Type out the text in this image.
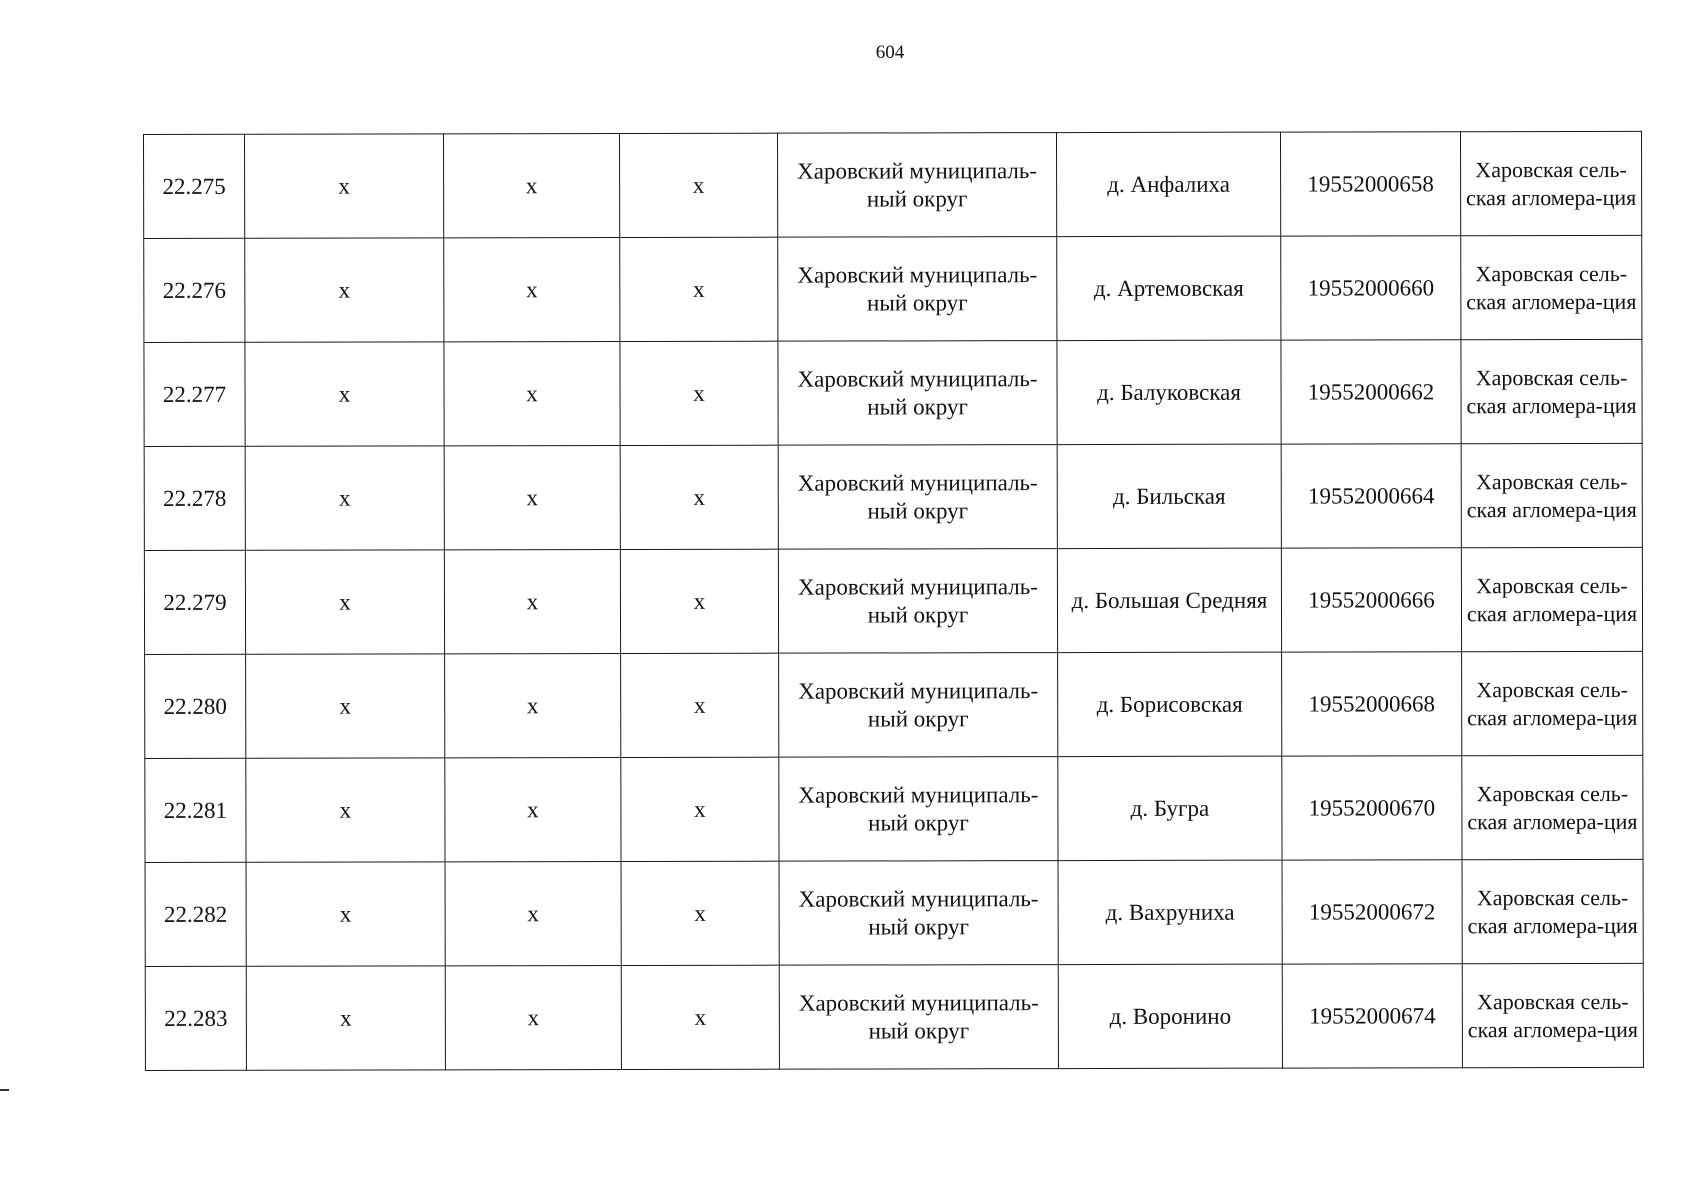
604
22.275	х	х	х	Харовский муниципаль-ный округ	д. Анфалиха	19552000658	Харовская сель-ская агломера-ция
22.276	х	х	х	Харовский муниципаль-ный округ	д. Артемовская	19552000660	Харовская сель-ская агломера-ция
22.277	х	х	х	Харовский муниципаль-ный округ	д. Балуковская	19552000662	Харовская сель-ская агломера-ция
22.278	х	х	х	Харовский муниципаль-ный округ	д. Бильская	19552000664	Харовская сель-ская агломера-ция
22.279	х	х	х	Харовский муниципаль-ный округ	д. Большая Средняя	19552000666	Харовская сель-ская агломера-ция
22.280	х	х	х	Харовский муниципаль-ный округ	д. Борисовская	19552000668	Харовская сель-ская агломера-ция
22.281	х	х	х	Харовский муниципаль-ный округ	д. Бугра	19552000670	Харовская сель-ская агломера-ция
22.282	х	х	х	Харовский муниципаль-ный округ	д. Вахруниха	19552000672	Харовская сель-ская агломера-ция
22.283	х	х	х	Харовский муниципаль-ный округ	д. Воронино	19552000674	Харовская сель-ская агломера-ция
